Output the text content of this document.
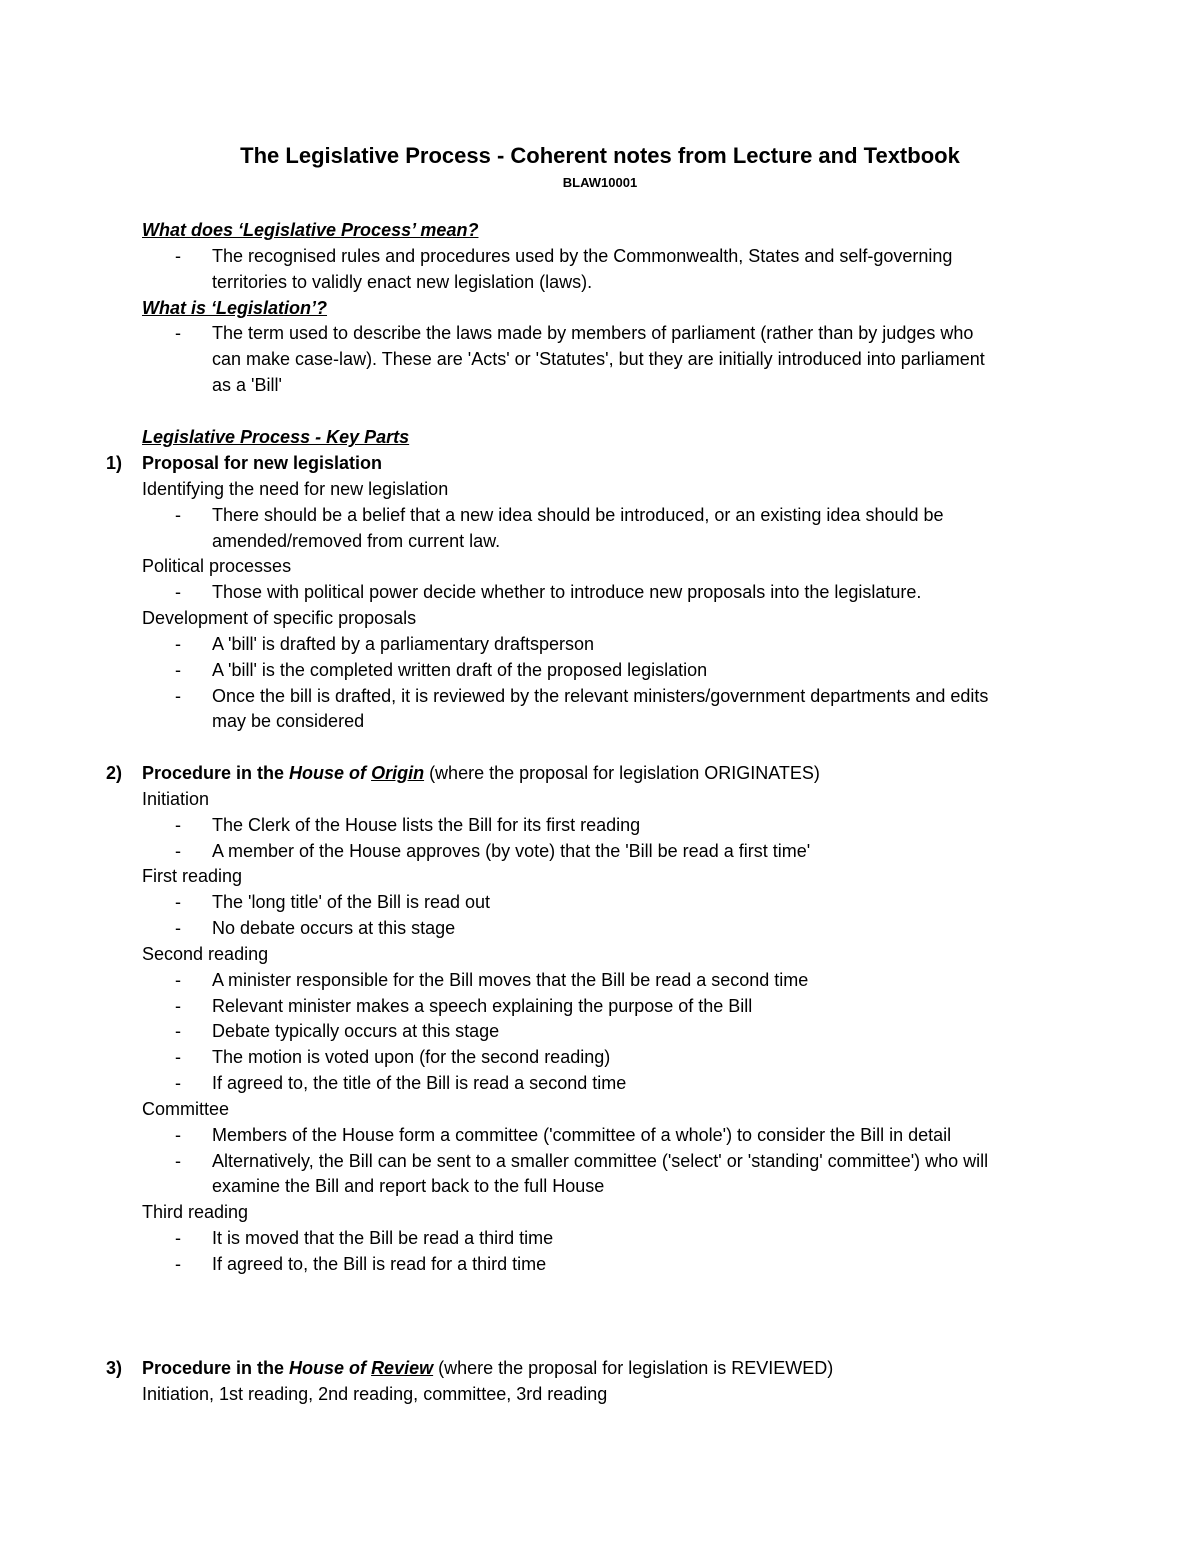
The Legislative Process - Coherent notes from Lecture and Textbook
BLAW10001
What does ‘Legislative Process’ mean?
- The recognised rules and procedures used by the Commonwealth, States and self-governing
territories to validly enact new legislation (laws).
What is ‘Legislation’?
- The term used to describe the laws made by members of parliament (rather than by judges who
can make case-law). These are 'Acts' or 'Statutes', but they are initially introduced into parliament
as a 'Bill'
Legislative Process - Key Parts
1) Proposal for new legislation
Identifying the need for new legislation
- There should be a belief that a new idea should be introduced, or an existing idea should be
amended/removed from current law.
Political processes
- Those with political power decide whether to introduce new proposals into the legislature.
Development of specific proposals
- A 'bill' is drafted by a parliamentary draftsperson
- A 'bill' is the completed written draft of the proposed legislation
- Once the bill is drafted, it is reviewed by the relevant ministers/government departments and edits
may be considered
2) Procedure in the House of Origin (where the proposal for legislation ORIGINATES)
Initiation
- The Clerk of the House lists the Bill for its first reading
- A member of the House approves (by vote) that the 'Bill be read a first time'
First reading
- The 'long title' of the Bill is read out
- No debate occurs at this stage
Second reading
- A minister responsible for the Bill moves that the Bill be read a second time
- Relevant minister makes a speech explaining the purpose of the Bill
- Debate typically occurs at this stage
- The motion is voted upon (for the second reading)
- If agreed to, the title of the Bill is read a second time
Committee
- Members of the House form a committee ('committee of a whole') to consider the Bill in detail
- Alternatively, the Bill can be sent to a smaller committee ('select' or 'standing' committee') who will
examine the Bill and report back to the full House
Third reading
- It is moved that the Bill be read a third time
- If agreed to, the Bill is read for a third time
3) Procedure in the House of Review (where the proposal for legislation is REVIEWED)
Initiation, 1st reading, 2nd reading, committee, 3rd reading
